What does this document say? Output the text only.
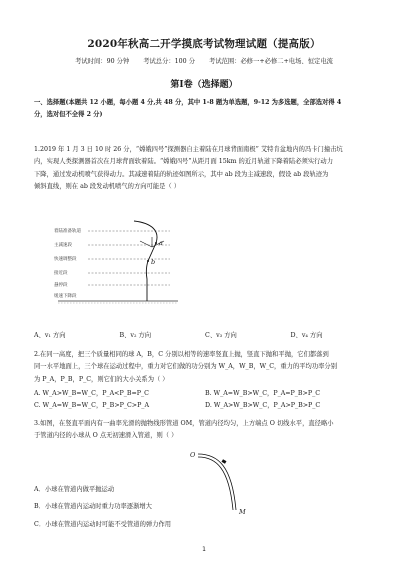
2020年秋高二开学摸底考试物理试题（提高版）
考试时间：90 分钟 考试总分：100 分 考试范围：必修一+必修二+电场、恒定电流
第Ⅰ卷（选择题）
一、选择题(本题共 12 小题，每小题 4 分,共 48 分，其中 1-8 题为单选题，9-12 为多选题，全部选对得 4
分，选对但不全得 2 分)
1.2019 年 1 月 3 日 10 时 26 分，“嫦娥四号”探测器自主着陆在月球背面南极” 艾特肯盆地内的冯卡门撞击坑
内，实现人类探测器首次在月球背面软着陆。“嫦娥四号”从距月面 15km 的近月轨道下降着陆必须实行动力
下降，通过发动机喷气获得动力。其减速着陆的轨迹如图所示，其中 ab 段为主减速段，假设 ab 段轨迹为
倾斜直线，则在 ab 段发动机喷气的方向可能是（ ）
着陆准备轨道
主减速段
快速调整段
接近段
悬停段
缓速下降段
a
b
A、v₁ 方向	B、v₂ 方向	C、v₃ 方向	D、v₄ 方向
2.在同一高度，把三个质量相同的球 A，B，C 分别以相等的速率竖直上抛，竖直下抛和平抛，它们都落到
同一水平地面上，三个球在运动过程中，重力对它们做的功分别为 W_A，W_B，W_C，重力的平均功率分别
为 P_A，P_B，P_C，则它们的大小关系为（ ）
A. W_A>W_B=W_C，P_A<P_B=P_C	B. W_A=W_B>W_C，P_A=P_B>P_C
C. W_A=W_B=W_C，P_B>P_C>P_A	D. W_A>W_B>W_C，P_A>P_B>P_C
3.如图，在竖直平面内有一曲率光滑的抛物线形管道 OM，管道内径均匀，上方端点 O 切线水平，直径略小
于管道内径的小球从 O 点无初速滑入管道，则（ ）
O
M
A．小球在管道内做平抛运动
B．小球在管道内运动时重力功率逐渐增大
C．小球在管道内运动时可能不受管道的弹力作用
1
